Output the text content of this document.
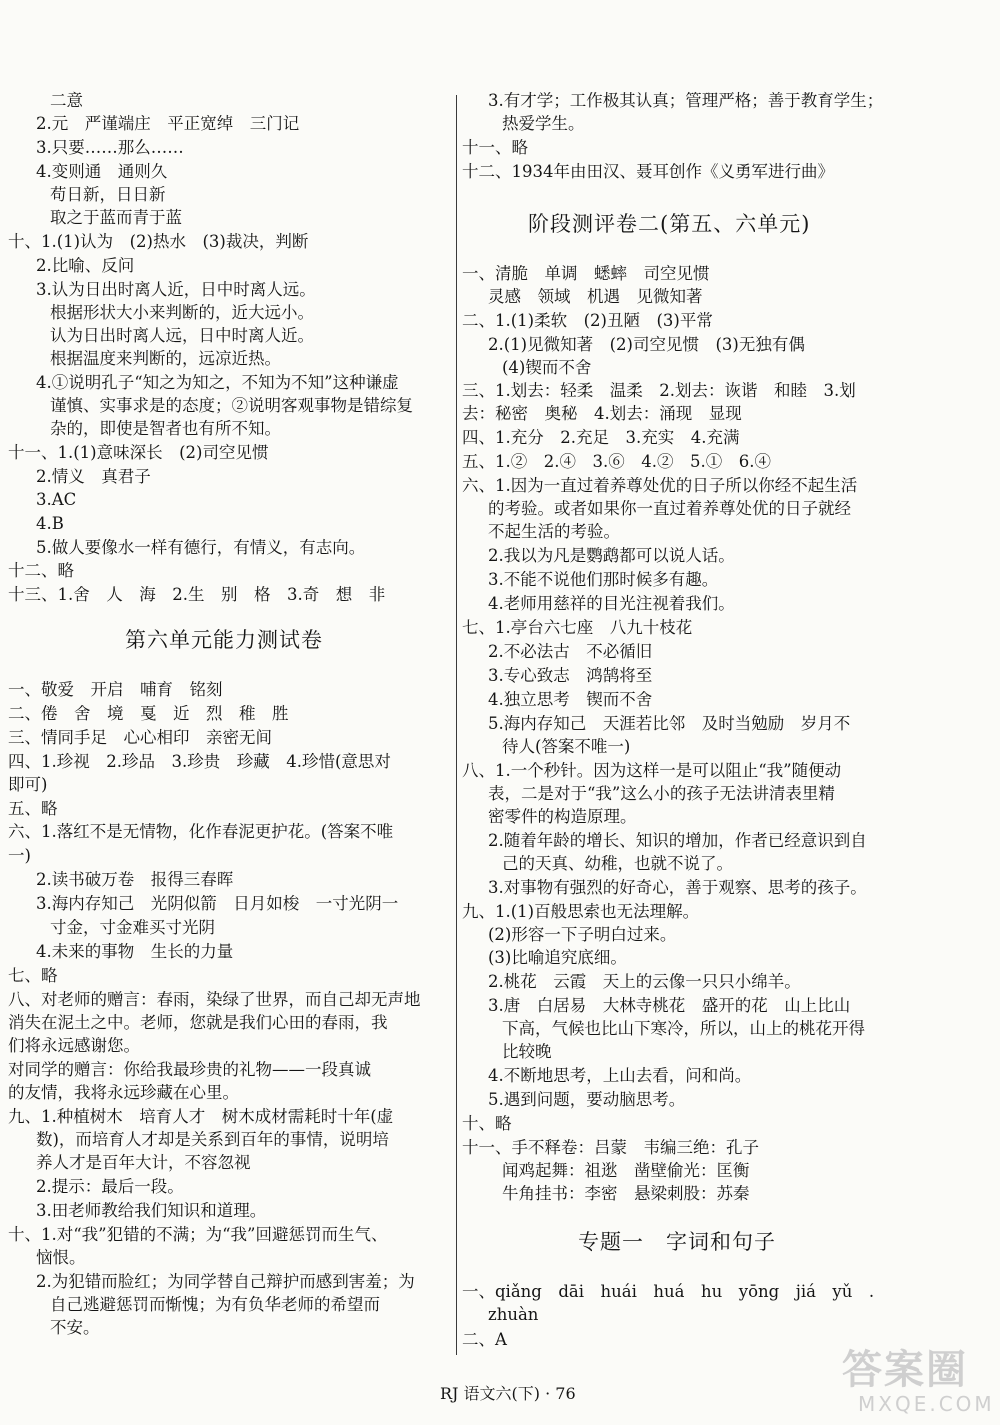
第六单元能力测试卷
二意
2.元　严谨端庄　平正宽绰　三门记
3.只要……那么……
4.变则通　通则久
苟日新，日日新
取之于蓝而青于蓝
十、1.(1)认为　(2)热水　(3)裁决，判断
2.比喻、反问
3.认为日出时离人近，日中时离人远。
根据形状大小来判断的，近大远小。
认为日出时离人远，日中时离人近。
根据温度来判断的，远凉近热。
4.①说明孔子“知之为知之，不知为不知”这种谦虚
谨慎、实事求是的态度；②说明客观事物是错综复
杂的，即使是智者也有所不知。
十一、1.(1)意味深长　(2)司空见惯
2.情义　真君子
3.AC
4.B
5.做人要像水一样有德行，有情义，有志向。
十二、略
十三、1.舍　人　海　2.生　别　格　3.奇　想　非
一、敬爱　开启　哺育　铭刻
二、倦　舍　境　戛　近　烈　稚　胜
三、情同手足　心心相印　亲密无间
四、1.珍视　2.珍品　3.珍贵　珍藏　4.珍惜(意思对
即可)
五、略
六、1.落红不是无情物，化作春泥更护花。(答案不唯
一)
2.读书破万卷　报得三春晖
3.海内存知己　光阴似箭　日月如梭　一寸光阴一
寸金，寸金难买寸光阴
4.未来的事物　生长的力量
七、略
八、对老师的赠言：春雨，染绿了世界，而自己却无声地
消失在泥土之中。老师，您就是我们心田的春雨，我
们将永远感谢您。
对同学的赠言：你给我最珍贵的礼物——一段真诚
的友情，我将永远珍藏在心里。
九、1.种植树木　培育人才　树木成材需耗时十年(虚
数)，而培育人才却是关系到百年的事情，说明培
养人才是百年大计，不容忽视
2.提示：最后一段。
3.田老师教给我们知识和道理。
十、1.对“我”犯错的不满；为“我”回避惩罚而生气、
恼恨。
2.为犯错而脸红；为同学替自己辩护而感到害羞；为
自己逃避惩罚而惭愧；为有负华老师的希望而
不安。
阶段测评卷二(第五、六单元)
专题一　字词和句子
3.有才学；工作极其认真；管理严格；善于教育学生；
热爱学生。
十一、略
十二、1934年由田汉、聂耳创作《义勇军进行曲》
一、清脆　单调　蟋蟀　司空见惯
灵感　领域　机遇　见微知著
二、1.(1)柔软　(2)丑陋　(3)平常
2.(1)见微知著　(2)司空见惯　(3)无独有偶
(4)锲而不舍
三、1.划去：轻柔　温柔　2.划去：诙谐　和睦　3.划
去：秘密　奥秘　4.划去：涌现　显现
四、1.充分　2.充足　3.充实　4.充满
五、1.②　2.④　3.⑥　4.②　5.①　6.④
六、1.因为一直过着养尊处优的日子所以你经不起生活
的考验。或者如果你一直过着养尊处优的日子就经
不起生活的考验。
2.我以为凡是鹦鹉都可以说人话。
3.不能不说他们那时候多有趣。
4.老师用慈祥的目光注视着我们。
七、1.亭台六七座　八九十枝花
2.不必法古　不必循旧
3.专心致志　鸿鹄将至
4.独立思考　锲而不舍
5.海内存知己　天涯若比邻　及时当勉励　岁月不
待人(答案不唯一)
八、1.一个秒针。因为这样一是可以阻止“我”随便动
表，二是对于“我”这么小的孩子无法讲清表里精
密零件的构造原理。
2.随着年龄的增长、知识的增加，作者已经意识到自
己的天真、幼稚，也就不说了。
3.对事物有强烈的好奇心，善于观察、思考的孩子。
九、1.(1)百般思索也无法理解。
(2)形容一下子明白过来。
(3)比喻追究底细。
2.桃花　云霞　天上的云像一只只小绵羊。
3.唐　白居易　大林寺桃花　盛开的花　山上比山
下高，气候也比山下寒冷，所以，山上的桃花开得
比较晚
4.不断地思考，上山去看，问和尚。
5.遇到问题，要动脑思考。
十、略
十一、手不释卷：吕蒙　韦编三绝：孔子
闻鸡起舞：祖逖　凿壁偷光：匡衡
牛角挂书：李密　悬梁刺股：苏秦
一、qiǎng　dāi　huái　huá　hu　yōng　jiá　yǔ　.
zhuàn
二、A
RJ 语文六(下) · 76
答案圈
MXQE.COM
